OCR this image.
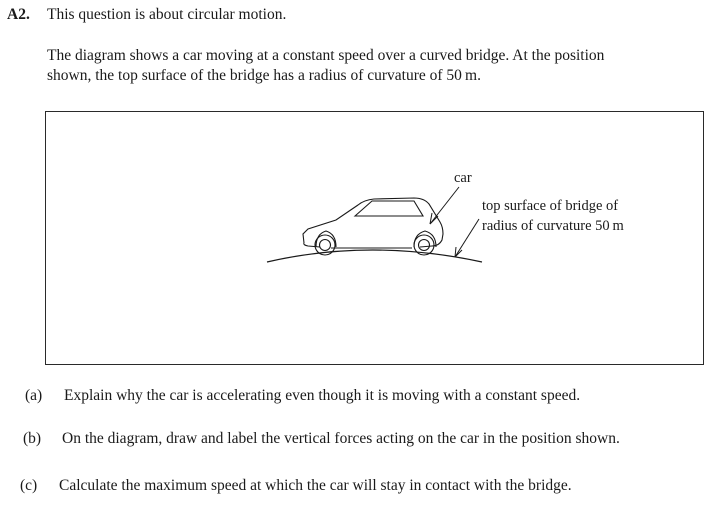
A2. This question is about circular motion.
The diagram shows a car moving at a constant speed over a curved bridge. At the position
shown, the top surface of the bridge has a radius of curvature of 50 m.
car
top surface of bridge of
radius of curvature 50 m
(a) Explain why the car is accelerating even though it is moving with a constant speed.
(b) On the diagram, draw and label the vertical forces acting on the car in the position shown.
(c) Calculate the maximum speed at which the car will stay in contact with the bridge.
